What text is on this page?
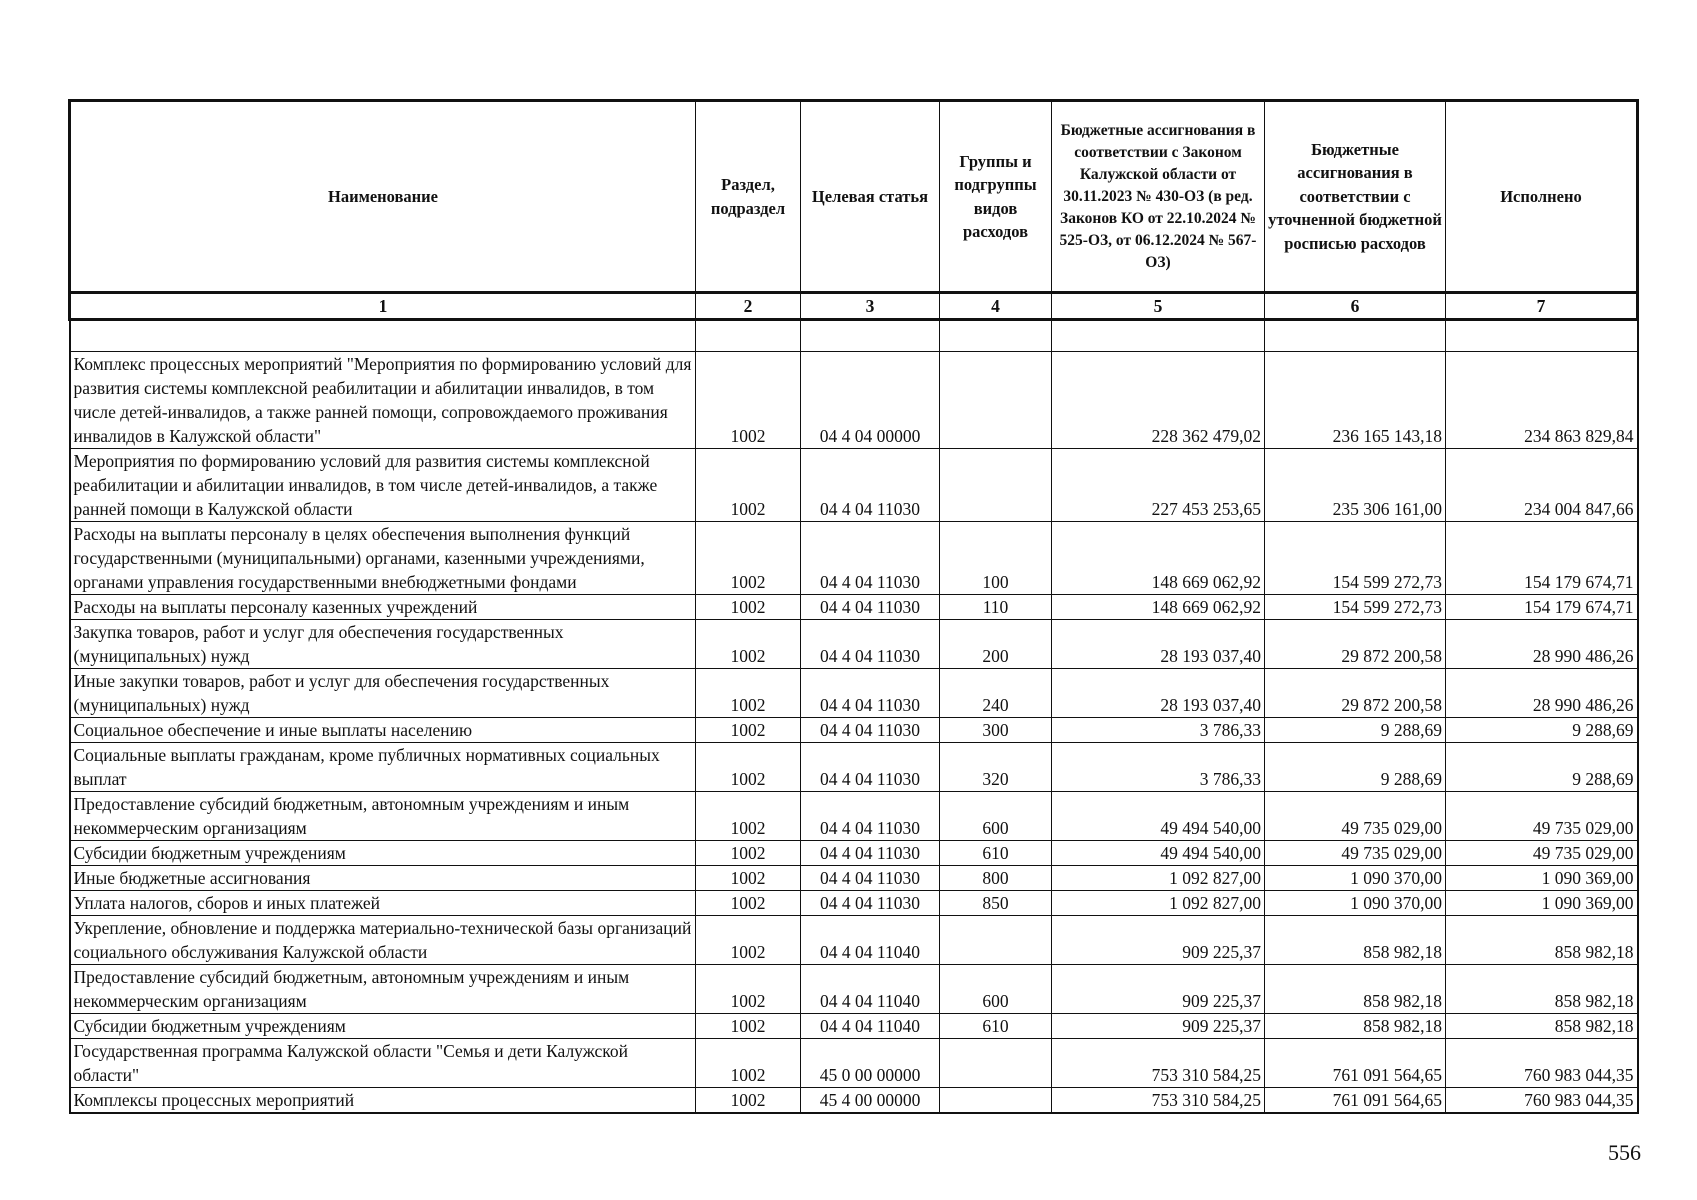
Наименование	Раздел, подраздел	Целевая статья	Группы и подгруппы видов расходов	Бюджетные ассигнования в соответствии с Законом Калужской области от 30.11.2023 № 430-ОЗ (в ред. Законов КО от 22.10.2024 № 525-ОЗ, от 06.12.2024 № 567-ОЗ)	Бюджетные ассигнования в соответствии с уточненной бюджетной росписью расходов	Исполнено
1	2	3	4	5	6	7

Комплекс процессных мероприятий "Мероприятия по формированию условий для развития системы комплексной реабилитации и абилитации инвалидов, в том числе детей-инвалидов, а также ранней помощи, сопровождаемого проживания инвалидов в Калужской области"	1002	04 4 04 00000		228 362 479,02	236 165 143,18	234 863 829,84
Мероприятия по формированию условий для развития системы комплексной реабилитации и абилитации инвалидов, в том числе детей-инвалидов, а также ранней помощи в Калужской области	1002	04 4 04 11030		227 453 253,65	235 306 161,00	234 004 847,66
Расходы на выплаты персоналу в целях обеспечения выполнения функций государственными (муниципальными) органами, казенными учреждениями, органами управления государственными внебюджетными фондами	1002	04 4 04 11030	100	148 669 062,92	154 599 272,73	154 179 674,71
Расходы на выплаты персоналу казенных учреждений	1002	04 4 04 11030	110	148 669 062,92	154 599 272,73	154 179 674,71
Закупка товаров, работ и услуг для обеспечения государственных (муниципальных) нужд	1002	04 4 04 11030	200	28 193 037,40	29 872 200,58	28 990 486,26
Иные закупки товаров, работ и услуг для обеспечения государственных (муниципальных) нужд	1002	04 4 04 11030	240	28 193 037,40	29 872 200,58	28 990 486,26
Социальное обеспечение и иные выплаты населению	1002	04 4 04 11030	300	3 786,33	9 288,69	9 288,69
Социальные выплаты гражданам, кроме публичных нормативных социальных выплат	1002	04 4 04 11030	320	3 786,33	9 288,69	9 288,69
Предоставление субсидий бюджетным, автономным учреждениям и иным некоммерческим организациям	1002	04 4 04 11030	600	49 494 540,00	49 735 029,00	49 735 029,00
Субсидии бюджетным учреждениям	1002	04 4 04 11030	610	49 494 540,00	49 735 029,00	49 735 029,00
Иные бюджетные ассигнования	1002	04 4 04 11030	800	1 092 827,00	1 090 370,00	1 090 369,00
Уплата налогов, сборов и иных платежей	1002	04 4 04 11030	850	1 092 827,00	1 090 370,00	1 090 369,00
Укрепление, обновление и поддержка материально-технической базы организаций социального обслуживания Калужской области	1002	04 4 04 11040		909 225,37	858 982,18	858 982,18
Предоставление субсидий бюджетным, автономным учреждениям и иным некоммерческим организациям	1002	04 4 04 11040	600	909 225,37	858 982,18	858 982,18
Субсидии бюджетным учреждениям	1002	04 4 04 11040	610	909 225,37	858 982,18	858 982,18
Государственная программа Калужской области "Семья и дети Калужской области"	1002	45 0 00 00000		753 310 584,25	761 091 564,65	760 983 044,35
Комплексы процессных мероприятий	1002	45 4 00 00000		753 310 584,25	761 091 564,65	760 983 044,35
556
